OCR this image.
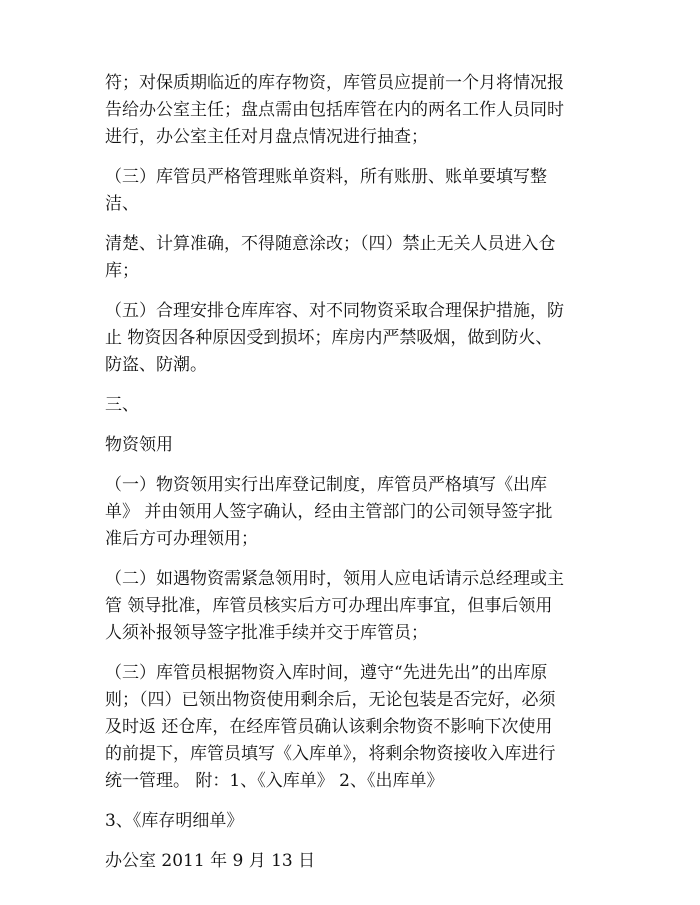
符；对保质期临近的库存物资，库管员应提前一个月将情况报
告给办公室主任；盘点需由包括库管在内的两名工作人员同时
进行，办公室主任对月盘点情况进行抽查；
（三）库管员严格管理账单资料，所有账册、账单要填写整
洁、
清楚、计算准确，不得随意涂改；（四）禁止无关人员进入仓
库；
（五）合理安排仓库库容、对不同物资采取合理保护措施，防
止 物资因各种原因受到损坏；库房内严禁吸烟，做到防火、
防盗、防潮。
三、
物资领用
（一）物资领用实行出库登记制度，库管员严格填写《出库
单》 并由领用人签字确认，经由主管部门的公司领导签字批
准后方可办理领用；
（二）如遇物资需紧急领用时，领用人应电话请示总经理或主
管 领导批准，库管员核实后方可办理出库事宜，但事后领用
人须补报领导签字批准手续并交于库管员；
（三）库管员根据物资入库时间，遵守“先进先出”的出库原
则；（四）已领出物资使用剩余后，无论包装是否完好，必须
及时返 还仓库，在经库管员确认该剩余物资不影响下次使用
的前提下，库管员填写《入库单》，将剩余物资接收入库进行
统一管理。 附：1、《入库单》 2、《出库单》
3、《库存明细单》
办公室 2011 年 9 月 13 日
